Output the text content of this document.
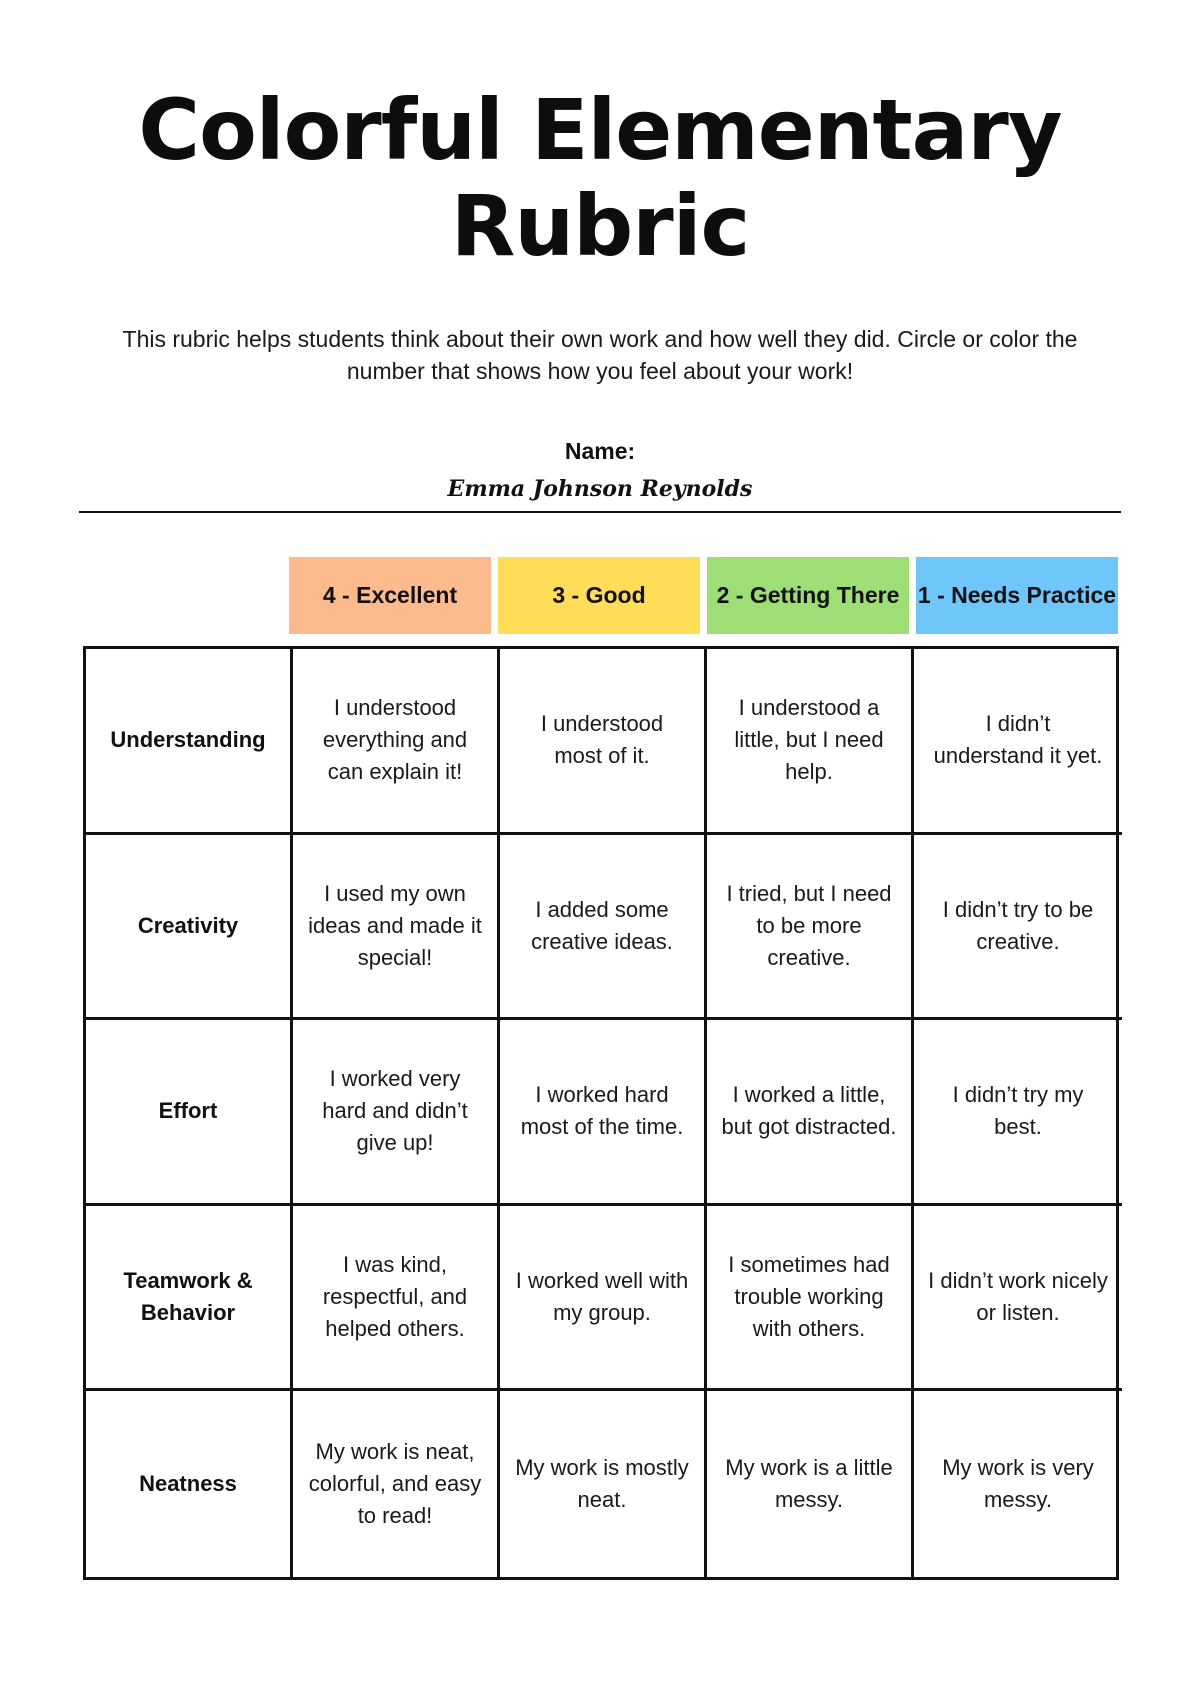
Colorful Elementary Rubric

This rubric helps students think about their own work and how well they did. Circle or color the number that shows how you feel about your work!

Name:
Emma Johnson Reynolds
4 - Excellent	3 - Good	2 - Getting There 1 - Needs Practice
Understanding
I understood everything and can explain it!
I understood most of it.
I understood a little, but I need help.
I didn’t understand it yet.
Creativity
I used my own ideas and made it special!
I added some creative ideas.
I tried, but I need to be more creative.
I didn’t try to be creative.
Effort
I worked very hard and didn’t give up!
I worked hard most of the time.
I worked a little, but got distracted.
I didn’t try my best.
Teamwork & Behavior
I was kind, respectful, and helped others.
I worked well with my group.
I sometimes had trouble working with others.
I didn’t work nicely or listen.
Neatness
My work is neat, colorful, and easy to read!
My work is mostly neat.
My work is a little messy.
My work is very messy.
